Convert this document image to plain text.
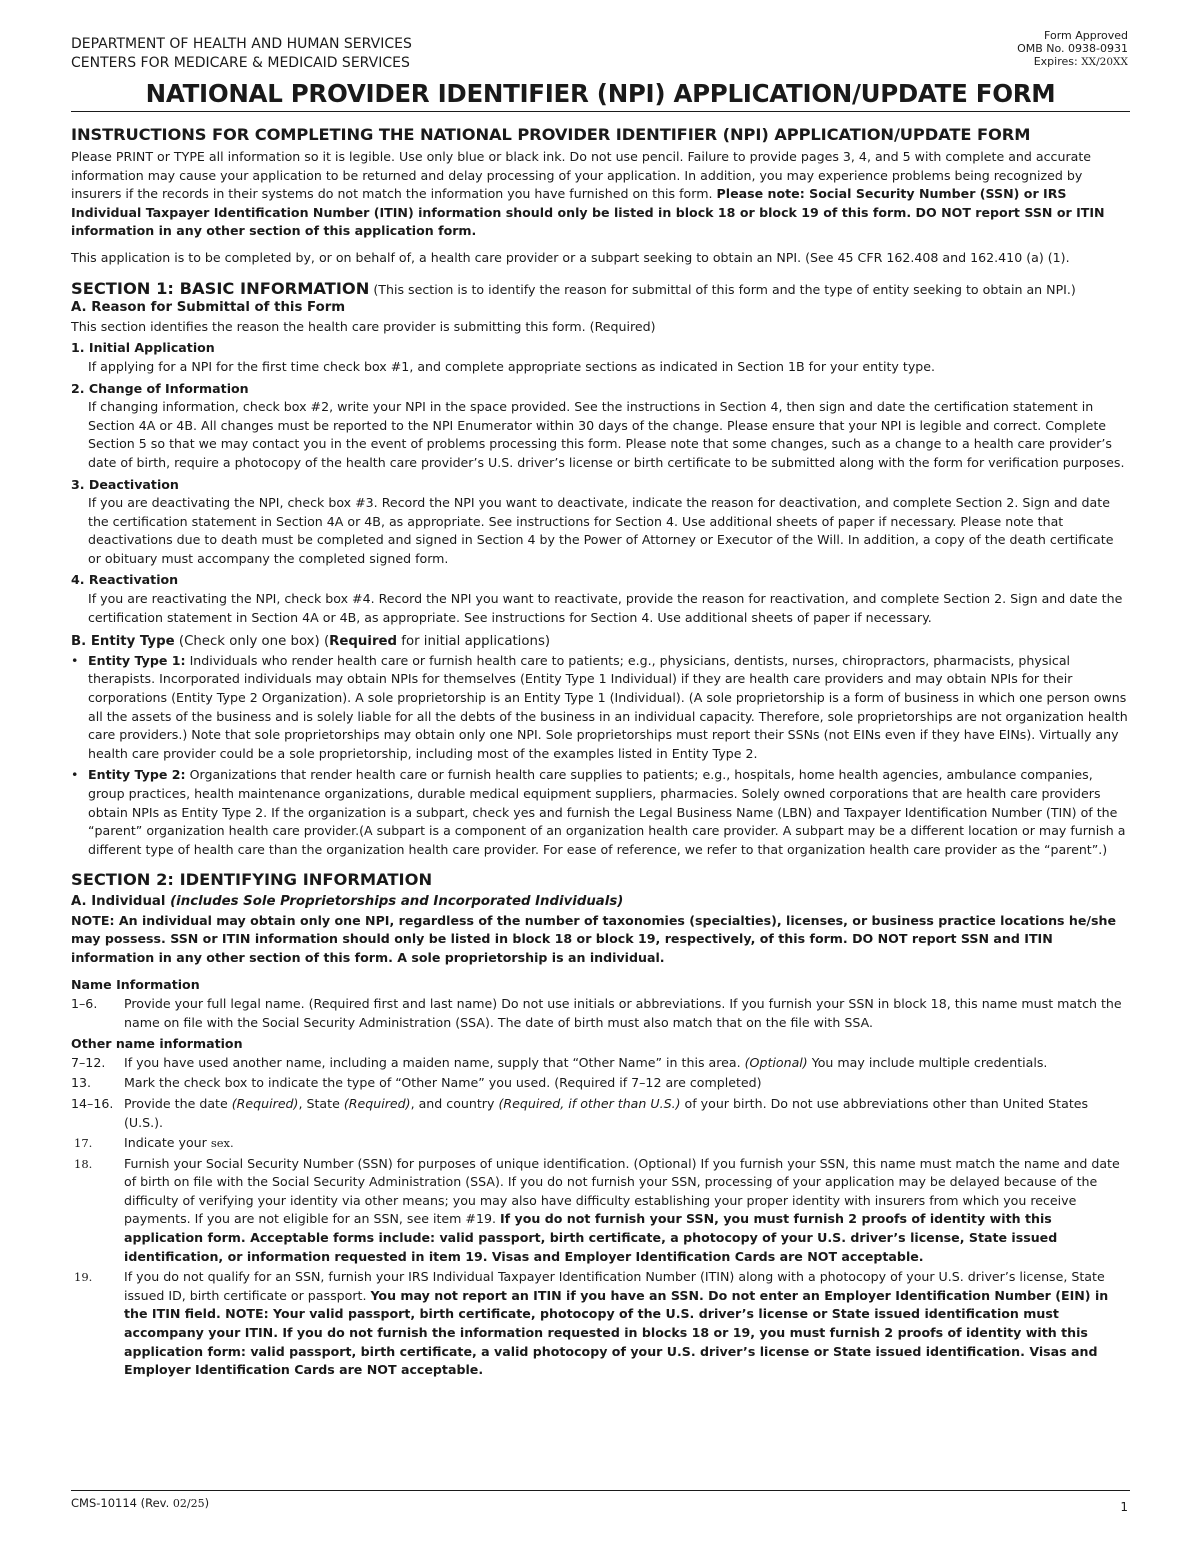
DEPARTMENT OF HEALTH AND HUMAN SERVICES
CENTERS FOR MEDICARE & MEDICAID SERVICES
Form Approved
OMB No. 0938-0931
Expires: XX/20XX
NATIONAL PROVIDER IDENTIFIER (NPI) APPLICATION/UPDATE FORM
INSTRUCTIONS FOR COMPLETING THE NATIONAL PROVIDER IDENTIFIER (NPI) APPLICATION/UPDATE FORM

Please PRINT or TYPE all information so it is legible. Use only blue or black ink. Do not use pencil. Failure to provide pages 3, 4, and 5 with complete and accurate information may cause your application to be returned and delay processing of your application. In addition, you may experience problems being recognized by insurers if the records in their systems do not match the information you have furnished on this form. Please note: Social Security Number (SSN) or IRS Individual Taxpayer Identification Number (ITIN) information should only be listed in block 18 or block 19 of this form. DO NOT report SSN or ITIN information in any other section of this application form.

This application is to be completed by, or on behalf of, a health care provider or a subpart seeking to obtain an NPI. (See 45 CFR 162.408 and 162.410 (a) (1).

SECTION 1: BASIC INFORMATION (This section is to identify the reason for submittal of this form and the type of entity seeking to obtain an NPI.)
A. Reason for Submittal of this Form

This section identifies the reason the health care provider is submitting this form. (Required)

1. Initial Application

If applying for a NPI for the first time check box #1, and complete appropriate sections as indicated in Section 1B for your entity type.

2. Change of Information

If changing information, check box #2, write your NPI in the space provided. See the instructions in Section 4, then sign and date the certification statement in Section 4A or 4B. All changes must be reported to the NPI Enumerator within 30 days of the change. Please ensure that your NPI is legible and correct. Complete Section 5 so that we may contact you in the event of problems processing this form. Please note that some changes, such as a change to a health care provider’s date of birth, require a photocopy of the health care provider’s U.S. driver’s license or birth certificate to be submitted along with the form for verification purposes.

3. Deactivation

If you are deactivating the NPI, check box #3. Record the NPI you want to deactivate, indicate the reason for deactivation, and complete Section 2. Sign and date the certification statement in Section 4A or 4B, as appropriate. See instructions for Section 4. Use additional sheets of paper if necessary. Please note that deactivations due to death must be completed and signed in Section 4 by the Power of Attorney or Executor of the Will. In addition, a copy of the death certificate or obituary must accompany the completed signed form.

4. Reactivation

If you are reactivating the NPI, check box #4. Record the NPI you want to reactivate, provide the reason for reactivation, and complete Section 2. Sign and date the certification statement in Section 4A or 4B, as appropriate. See instructions for Section 4. Use additional sheets of paper if necessary.

B. Entity Type (Check only one box) (Required for initial applications)
• Entity Type 1: Individuals who render health care or furnish health care to patients; e.g., physicians, dentists, nurses, chiropractors, pharmacists, physical therapists. Incorporated individuals may obtain NPIs for themselves (Entity Type 1 Individual) if they are health care providers and may obtain NPIs for their corporations (Entity Type 2 Organization). A sole proprietorship is an Entity Type 1 (Individual). (A sole proprietorship is a form of business in which one person owns all the assets of the business and is solely liable for all the debts of the business in an individual capacity. Therefore, sole proprietorships are not organization health care providers.) Note that sole proprietorships may obtain only one NPI. Sole proprietorships must report their SSNs (not EINs even if they have EINs). Virtually any health care provider could be a sole proprietorship, including most of the examples listed in Entity Type 2.
• Entity Type 2: Organizations that render health care or furnish health care supplies to patients; e.g., hospitals, home health agencies, ambulance companies, group practices, health maintenance organizations, durable medical equipment suppliers, pharmacies. Solely owned corporations that are health care providers obtain NPIs as Entity Type 2. If the organization is a subpart, check yes and furnish the Legal Business Name (LBN) and Taxpayer Identification Number (TIN) of the “parent” organization health care provider.(A subpart is a component of an organization health care provider. A subpart may be a different location or may furnish a different type of health care than the organization health care provider. For ease of reference, we refer to that organization health care provider as the “parent”.)
SECTION 2: IDENTIFYING INFORMATION
A. Individual (includes Sole Proprietorships and Incorporated Individuals)

NOTE: An individual may obtain only one NPI, regardless of the number of taxonomies (specialties), licenses, or business practice locations he/she may possess. SSN or ITIN information should only be listed in block 18 or block 19, respectively, of this form. DO NOT report SSN and ITIN information in any other section of this form. A sole proprietorship is an individual.

Name Information
1–6.	Provide your full legal name. (Required first and last name) Do not use initials or abbreviations. If you furnish your SSN in block 18, this name must match the name on file with the Social Security Administration (SSA). The date of birth must also match that on the file with SSA.
Other name information
7–12.	If you have used another name, including a maiden name, supply that “Other Name” in this area. (Optional) You may include multiple credentials.
13.	Mark the check box to indicate the type of “Other Name” you used. (Required if 7–12 are completed)
14–16. Provide the date (Required), State (Required), and country (Required, if other than U.S.) of your birth. Do not use abbreviations other than United States (U.S.).
17.	Indicate your sex.
18.	Furnish your Social Security Number (SSN) for purposes of unique identification. (Optional) If you furnish your SSN, this name must match the name and date of birth on file with the Social Security Administration (SSA). If you do not furnish your SSN, processing of your application may be delayed because of the difficulty of verifying your identity via other means; you may also have difficulty establishing your proper identity with insurers from which you receive payments. If you are not eligible for an SSN, see item #19. If you do not furnish your SSN, you must furnish 2 proofs of identity with this application form. Acceptable forms include: valid passport, birth certificate, a photocopy of your U.S. driver’s license, State issued identification, or information requested in item 19. Visas and Employer Identification Cards are NOT acceptable.
19.	If you do not qualify for an SSN, furnish your IRS Individual Taxpayer Identification Number (ITIN) along with a photocopy of your U.S. driver’s license, State issued ID, birth certificate or passport. You may not report an ITIN if you have an SSN. Do not enter an Employer Identification Number (EIN) in the ITIN field. NOTE: Your valid passport, birth certificate, photocopy of the U.S. driver’s license or State issued identification must accompany your ITIN. If you do not furnish the information requested in blocks 18 or 19, you must furnish 2 proofs of identity with this application form: valid passport, birth certificate, a valid photocopy of your U.S. driver’s license or State issued identification. Visas and Employer Identification Cards are NOT acceptable.
CMS-10114 (Rev. 02/25)	1
